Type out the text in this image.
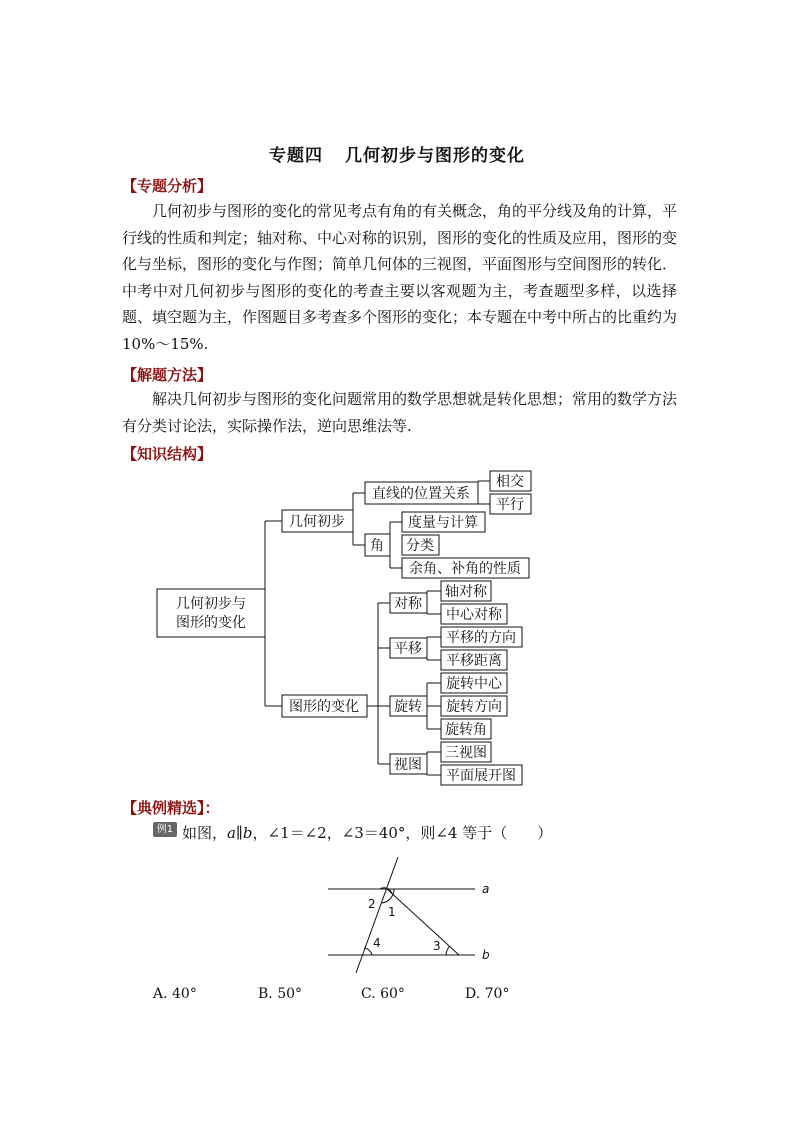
专题四 几何初步与图形的变化
【专题分析】

几何初步与图形的变化的常见考点有角的有关概念，角的平分线及角的计算，平行线的性质和判定；轴对称、中心对称的识别，图形的变化的性质及应用，图形的变化与坐标，图形的变化与作图；简单几何体的三视图，平面图形与空间图形的转化．中考中对几何初步与图形的变化的考查主要以客观题为主，考查题型多样，以选择题、填空题为主，作图题目多考查多个图形的变化；本专题在中考中所占的比重约为 10%～15%.

【解题方法】

解决几何初步与图形的变化问题常用的数学思想就是转化思想；常用的数学方法有分类讨论法，实际操作法，逆向思维法等.

【知识结构】
几何初步与
图形的变化
几何初步
图形的变化
直线的位置关系
角
相交
平行
度量与计算
分类
余角、补角的性质
对称
平移
旋转
视图
轴对称
中心对称
平移的方向
平移距离
旋转中心
旋转方向
旋转角
三视图
平面展开图
a
b
1
2
3
4
【典例精选】：
例1 如图，a∥b，∠1＝∠2，∠3＝40°，则∠4 等于（　　）
A. 40°	B. 50°	C. 60°	D. 70°
